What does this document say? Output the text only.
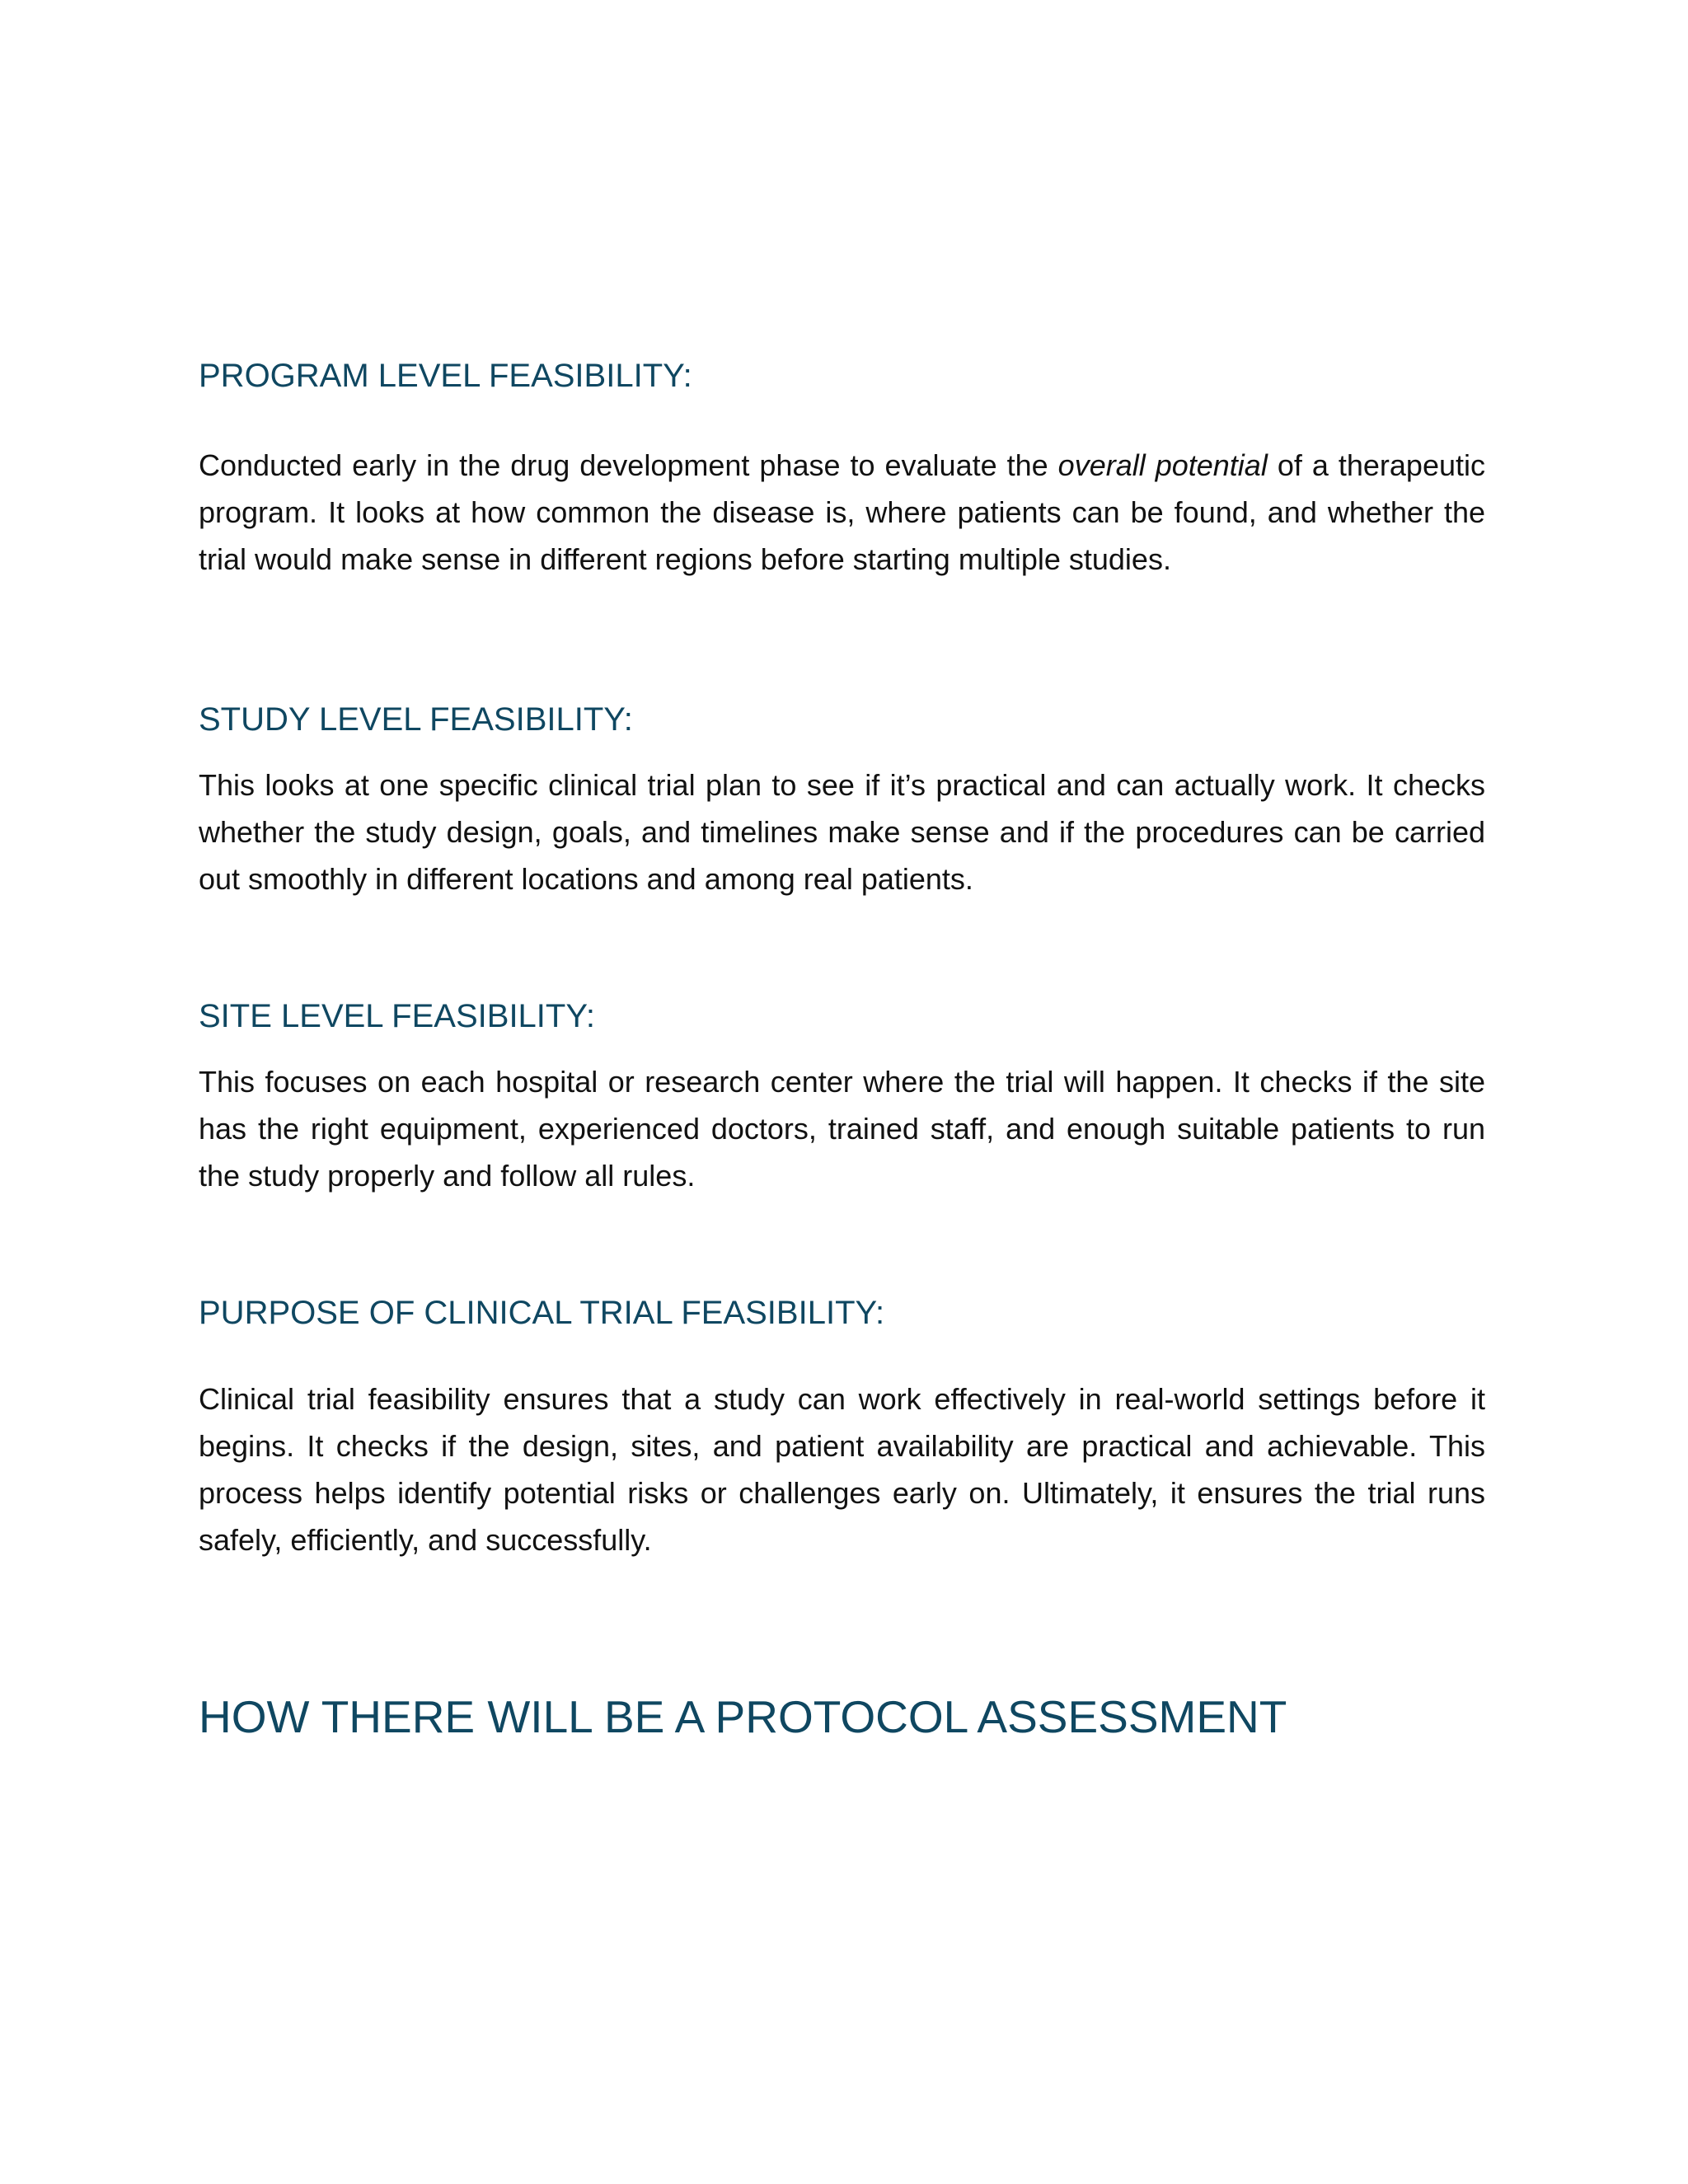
PROGRAM LEVEL FEASIBILITY:

Conducted early in the drug development phase to evaluate the overall potential of a therapeutic program. It looks at how common the disease is, where patients can be found, and whether the trial would make sense in different regions before starting multiple studies.

STUDY LEVEL FEASIBILITY:

This looks at one specific clinical trial plan to see if it’s practical and can actually work. It checks whether the study design, goals, and timelines make sense and if the procedures can be carried out smoothly in different locations and among real patients.

SITE LEVEL FEASIBILITY:

This focuses on each hospital or research center where the trial will happen. It checks if the site has the right equipment, experienced doctors, trained staff, and enough suitable patients to run the study properly and follow all rules.

PURPOSE OF CLINICAL TRIAL FEASIBILITY:

Clinical trial feasibility ensures that a study can work effectively in real-world settings before it begins. It checks if the design, sites, and patient availability are practical and achievable. This process helps identify potential risks or challenges early on. Ultimately, it ensures the trial runs safely, efficiently, and successfully.

HOW THERE WILL BE A PROTOCOL ASSESSMENT
